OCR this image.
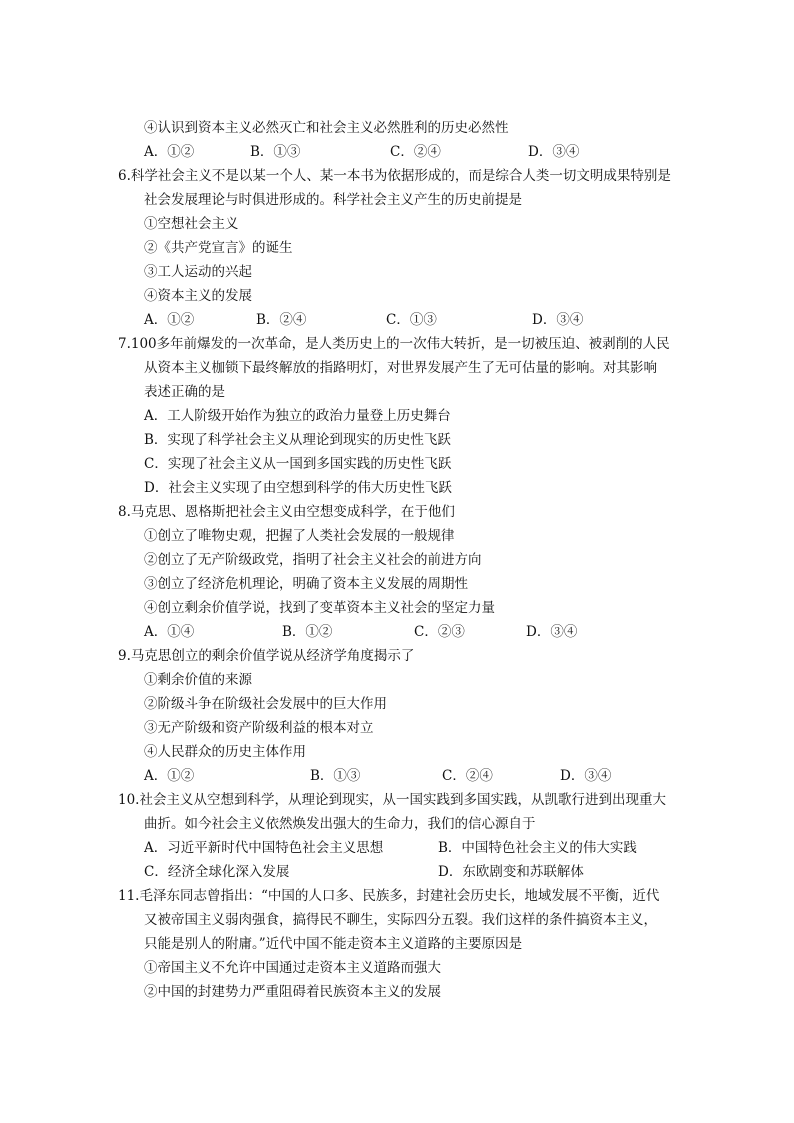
④认识到资本主义必然灭亡和社会主义必然胜利的历史必然性
A．①②	B．①③	C．②④	D．③④
6.科学社会主义不是以某一个人、某一本书为依据形成的，而是综合人类一切文明成果特别是
社会发展理论与时俱进形成的。科学社会主义产生的历史前提是
①空想社会主义
②《共产党宣言》的诞生
③工人运动的兴起
④资本主义的发展
A．①②	B．②④	C．①③	D．③④
7.100多年前爆发的一次革命，是人类历史上的一次伟大转折，是一切被压迫、被剥削的人民
从资本主义枷锁下最终解放的指路明灯，对世界发展产生了无可估量的影响。对其影响
表述正确的是
A．工人阶级开始作为独立的政治力量登上历史舞台
B．实现了科学社会主义从理论到现实的历史性飞跃
C．实现了社会主义从一国到多国实践的历史性飞跃
D．社会主义实现了由空想到科学的伟大历史性飞跃
8.马克思、恩格斯把社会主义由空想变成科学，在于他们
①创立了唯物史观，把握了人类社会发展的一般规律
②创立了无产阶级政党，指明了社会主义社会的前进方向
③创立了经济危机理论，明确了资本主义发展的周期性
④创立剩余价值学说，找到了变革资本主义社会的坚定力量
A．①④	B．①②	C．②③	D．③④
9.马克思创立的剩余价值学说从经济学角度揭示了
①剩余价值的来源
②阶级斗争在阶级社会发展中的巨大作用
③无产阶级和资产阶级利益的根本对立
④人民群众的历史主体作用
A．①②	B．①③	C．②④	D．③④
10.社会主义从空想到科学，从理论到现实，从一国实践到多国实践，从凯歌行进到出现重大
曲折。如今社会主义依然焕发出强大的生命力，我们的信心源自于
A．习近平新时代中国特色社会主义思想	B．中国特色社会主义的伟大实践
C．经济全球化深入发展	D．东欧剧变和苏联解体
11.毛泽东同志曾指出：“中国的人口多、民族多，封建社会历史长，地域发展不平衡，近代
又被帝国主义弱肉强食，搞得民不聊生，实际四分五裂。我们这样的条件搞资本主义，
只能是别人的附庸。”近代中国不能走资本主义道路的主要原因是
①帝国主义不允许中国通过走资本主义道路而强大
②中国的封建势力严重阻碍着民族资本主义的发展
